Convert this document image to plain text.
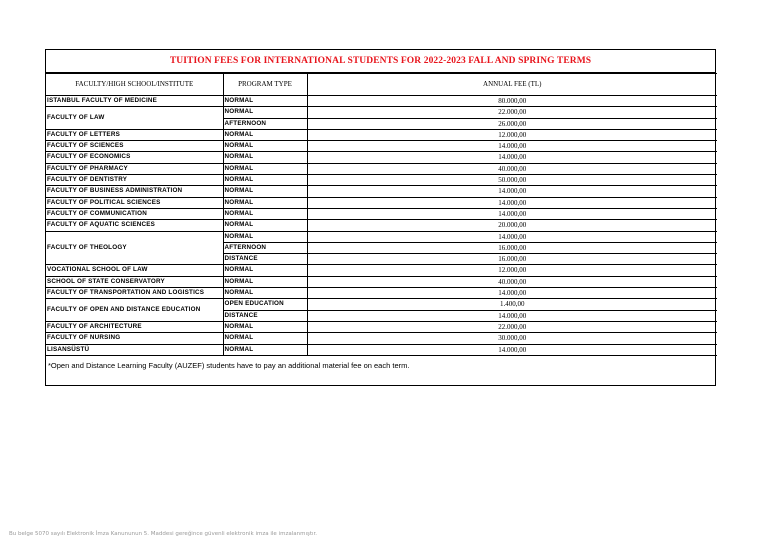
TUITION FEES FOR INTERNATIONAL STUDENTS FOR 2022-2023 FALL AND SPRING TERMS
FACULTY/HIGH SCHOOL/INSTITUTE	PROGRAM TYPE	ANNUAL FEE (TL)
ISTANBUL FACULTY OF MEDICINE	NORMAL	80.000,00
FACULTY OF LAW	NORMAL	22.000,00
	AFTERNOON	26.000,00
FACULTY OF LETTERS	NORMAL	12.000,00
FACULTY OF SCIENCES	NORMAL	14.000,00
FACULTY OF ECONOMICS	NORMAL	14.000,00
FACULTY OF PHARMACY	NORMAL	40.000,00
FACULTY OF DENTISTRY	NORMAL	50.000,00
FACULTY OF BUSINESS ADMINISTRATION	NORMAL	14.000,00
FACULTY OF POLITICAL SCIENCES	NORMAL	14.000,00
FACULTY OF COMMUNICATION	NORMAL	14.000,00
FACULTY OF AQUATIC SCIENCES	NORMAL	20.000,00
FACULTY OF THEOLOGY	NORMAL	14.000,00
	AFTERNOON	16.000,00
	DISTANCE	16.000,00
VOCATIONAL SCHOOL OF LAW	NORMAL	12.000,00
SCHOOL OF STATE CONSERVATORY	NORMAL	40.000,00
FACULTY OF TRANSPORTATION AND LOGISTICS	NORMAL	14.000,00
FACULTY OF OPEN AND DISTANCE EDUCATION	OPEN EDUCATION	1.400,00
	DISTANCE	14.000,00
FACULTY OF ARCHITECTURE	NORMAL	22.000,00
FACULTY OF NURSING	NORMAL	30.000,00
LISANSÜSTÜ	NORMAL	14.000,00
*Open and Distance Learning Faculty (AUZEF) students have to pay an additional material fee on each term.
Bu belge 5070 sayılı Elektronik İmza Kanununun 5. Maddesi gereğince güvenli elektronik imza ile imzalanmıştır.
